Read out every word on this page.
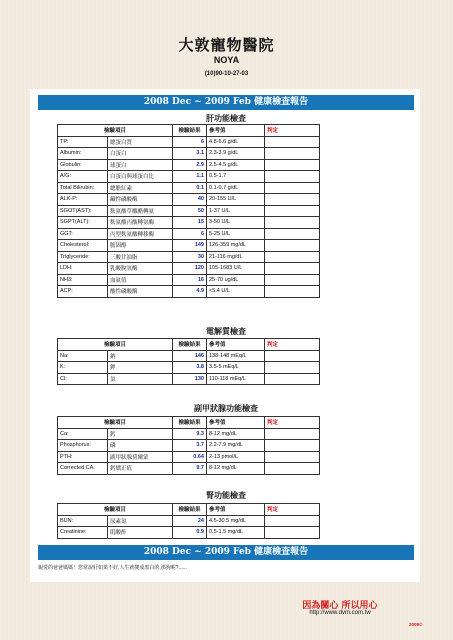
大敦寵物醫院
NOYA
(10)90-10-27-03
2008 Dec ~ 2009 Feb 健康檢查報告
肝功能檢查
檢驗項目		檢驗結果	參考值	判定
TP:	總蛋白質	6	4.8-6.6 g/dL	
Albumin:	白蛋白	3.1	2.3-3.9 g/dL	
Globulin:	球蛋白	2.9	2.5-4.5 g/dL	
A/G:	白蛋白與球蛋白比	1.1	0.5-1.7	
Total Bilirubin:	總膽紅素	0.1	0.1-0.7 g/dL	
ALK-P:	鹼性磷酸酶	40	20-155 U/L	
SGOT(AST):	麩氨酸草醯醋轉氨	50	1-37 U/L	
SGPT(ALT):	麩氨酸丙酸轉氨酶	15	3-50 U/L	
GGT:	丙型麩氨醯轉移酶	6	5-25 U/L	
Cholesterol:	膽固醇	149	126-359 mg/dL	
Triglyceride:	三酸甘油脂	30	21-116 mg/dL	
LDH:	乳酸脫氫酶	120	105-1683 U/L	
NH3:	血氨值	16	25-70 ug/dL	
ACP:	酸性磷酸酶	4.9	<5.4 U/L	
電解質檢查
檢驗項目		檢驗結果	參考值	判定
Na:	鈉	146	138-148 mEq/L	
K:	鉀	3.8	3.5-5 mEq/L	
Cl:	氯	130	110-118 mEq/L	
副甲狀腺功能檢查
檢驗項目		檢驗結果	參考值	判定
Ca:	鈣	9.3	8-12 mg/dL	
Phosphorus:	磷	3.7	2.2-7.9 mg/dL	
PTH:	副甲狀腺荷爾蒙	0.64	2-13 pmol/L	
Corrected CA:	鈣矯正值	9.7	8-12 mg/dL	
腎功能檢查
檢驗項目		檢驗結果	參考值	判定
BUN:	尿素氮	24	4.5-30.5 mg/dL	
Creatinine:	肌酸酐	0.9	0.5-1.5 mg/dL	
2008 Dec ~ 2009 Feb 健康檢查報告
親愛的爸爸媽媽！您常說肝如果不好,人生就變成黑白的,那狗呢?......
因為關心 所以用心
http://www.dvm.com.tw
2009©
